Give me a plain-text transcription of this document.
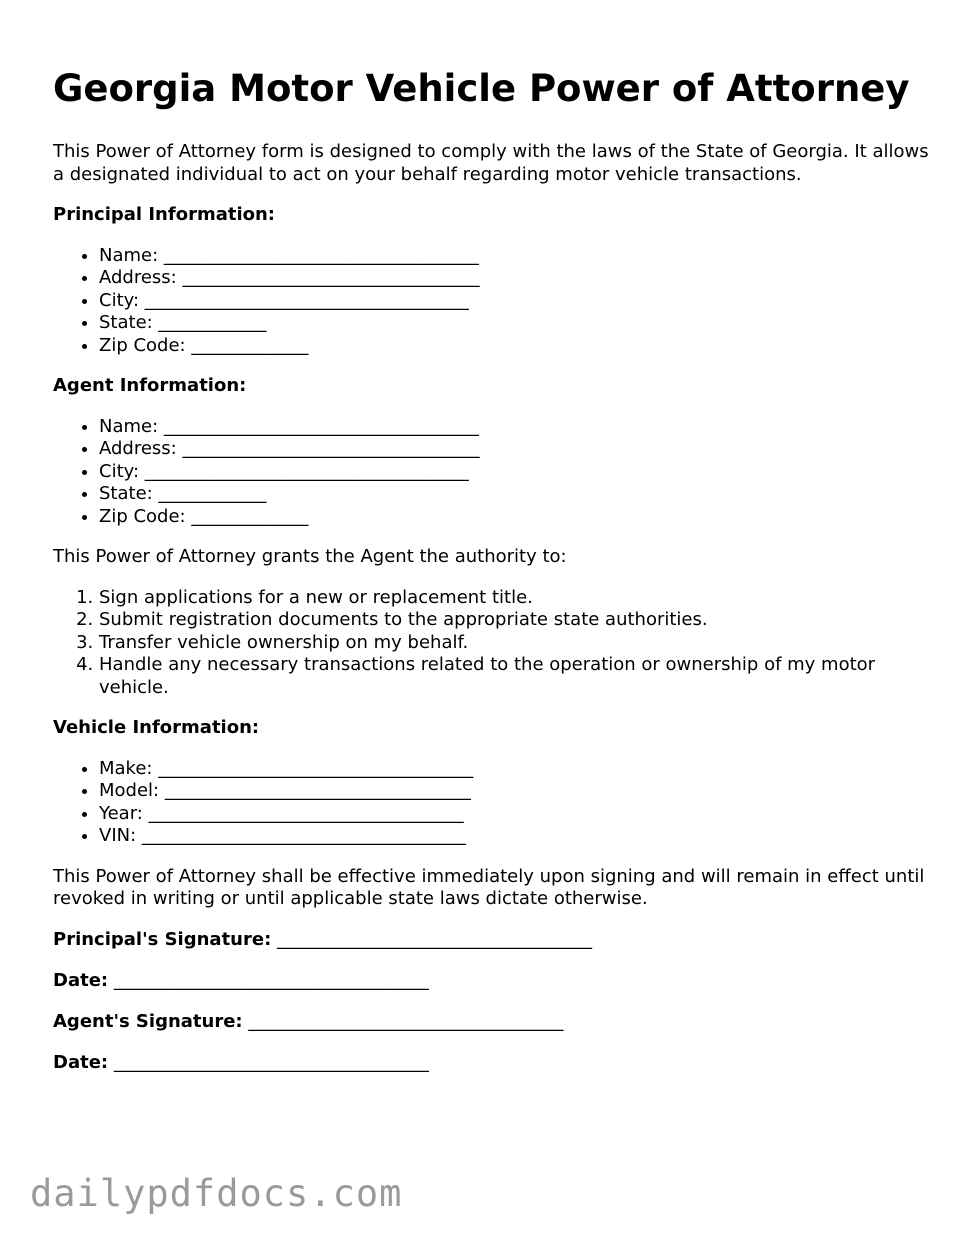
Georgia Motor Vehicle Power of Attorney

This Power of Attorney form is designed to comply with the laws of the State of Georgia. It allows a designated individual to act on your behalf regarding motor vehicle transactions.

Principal Information:
• Name: ___________________________________
• Address: _________________________________
• City: ____________________________________
• State: ____________
• Zip Code: _____________
Agent Information:
• Name: ___________________________________
• Address: _________________________________
• City: ____________________________________
• State: ____________
• Zip Code: _____________

This Power of Attorney grants the Agent the authority to:

1. Sign applications for a new or replacement title.
2. Submit registration documents to the appropriate state authorities.
3. Transfer vehicle ownership on my behalf.
4. Handle any necessary transactions related to the operation or ownership of my motor vehicle.
Vehicle Information:
• Make: ___________________________________
• Model: __________________________________
• Year: ___________________________________
• VIN: ____________________________________

This Power of Attorney shall be effective immediately upon signing and will remain in effect until revoked in writing or until applicable state laws dictate otherwise.

Principal's Signature: ___________________________________
Date: ___________________________________
Agent's Signature: ___________________________________
Date: ___________________________________
dailypdfdocs.com
